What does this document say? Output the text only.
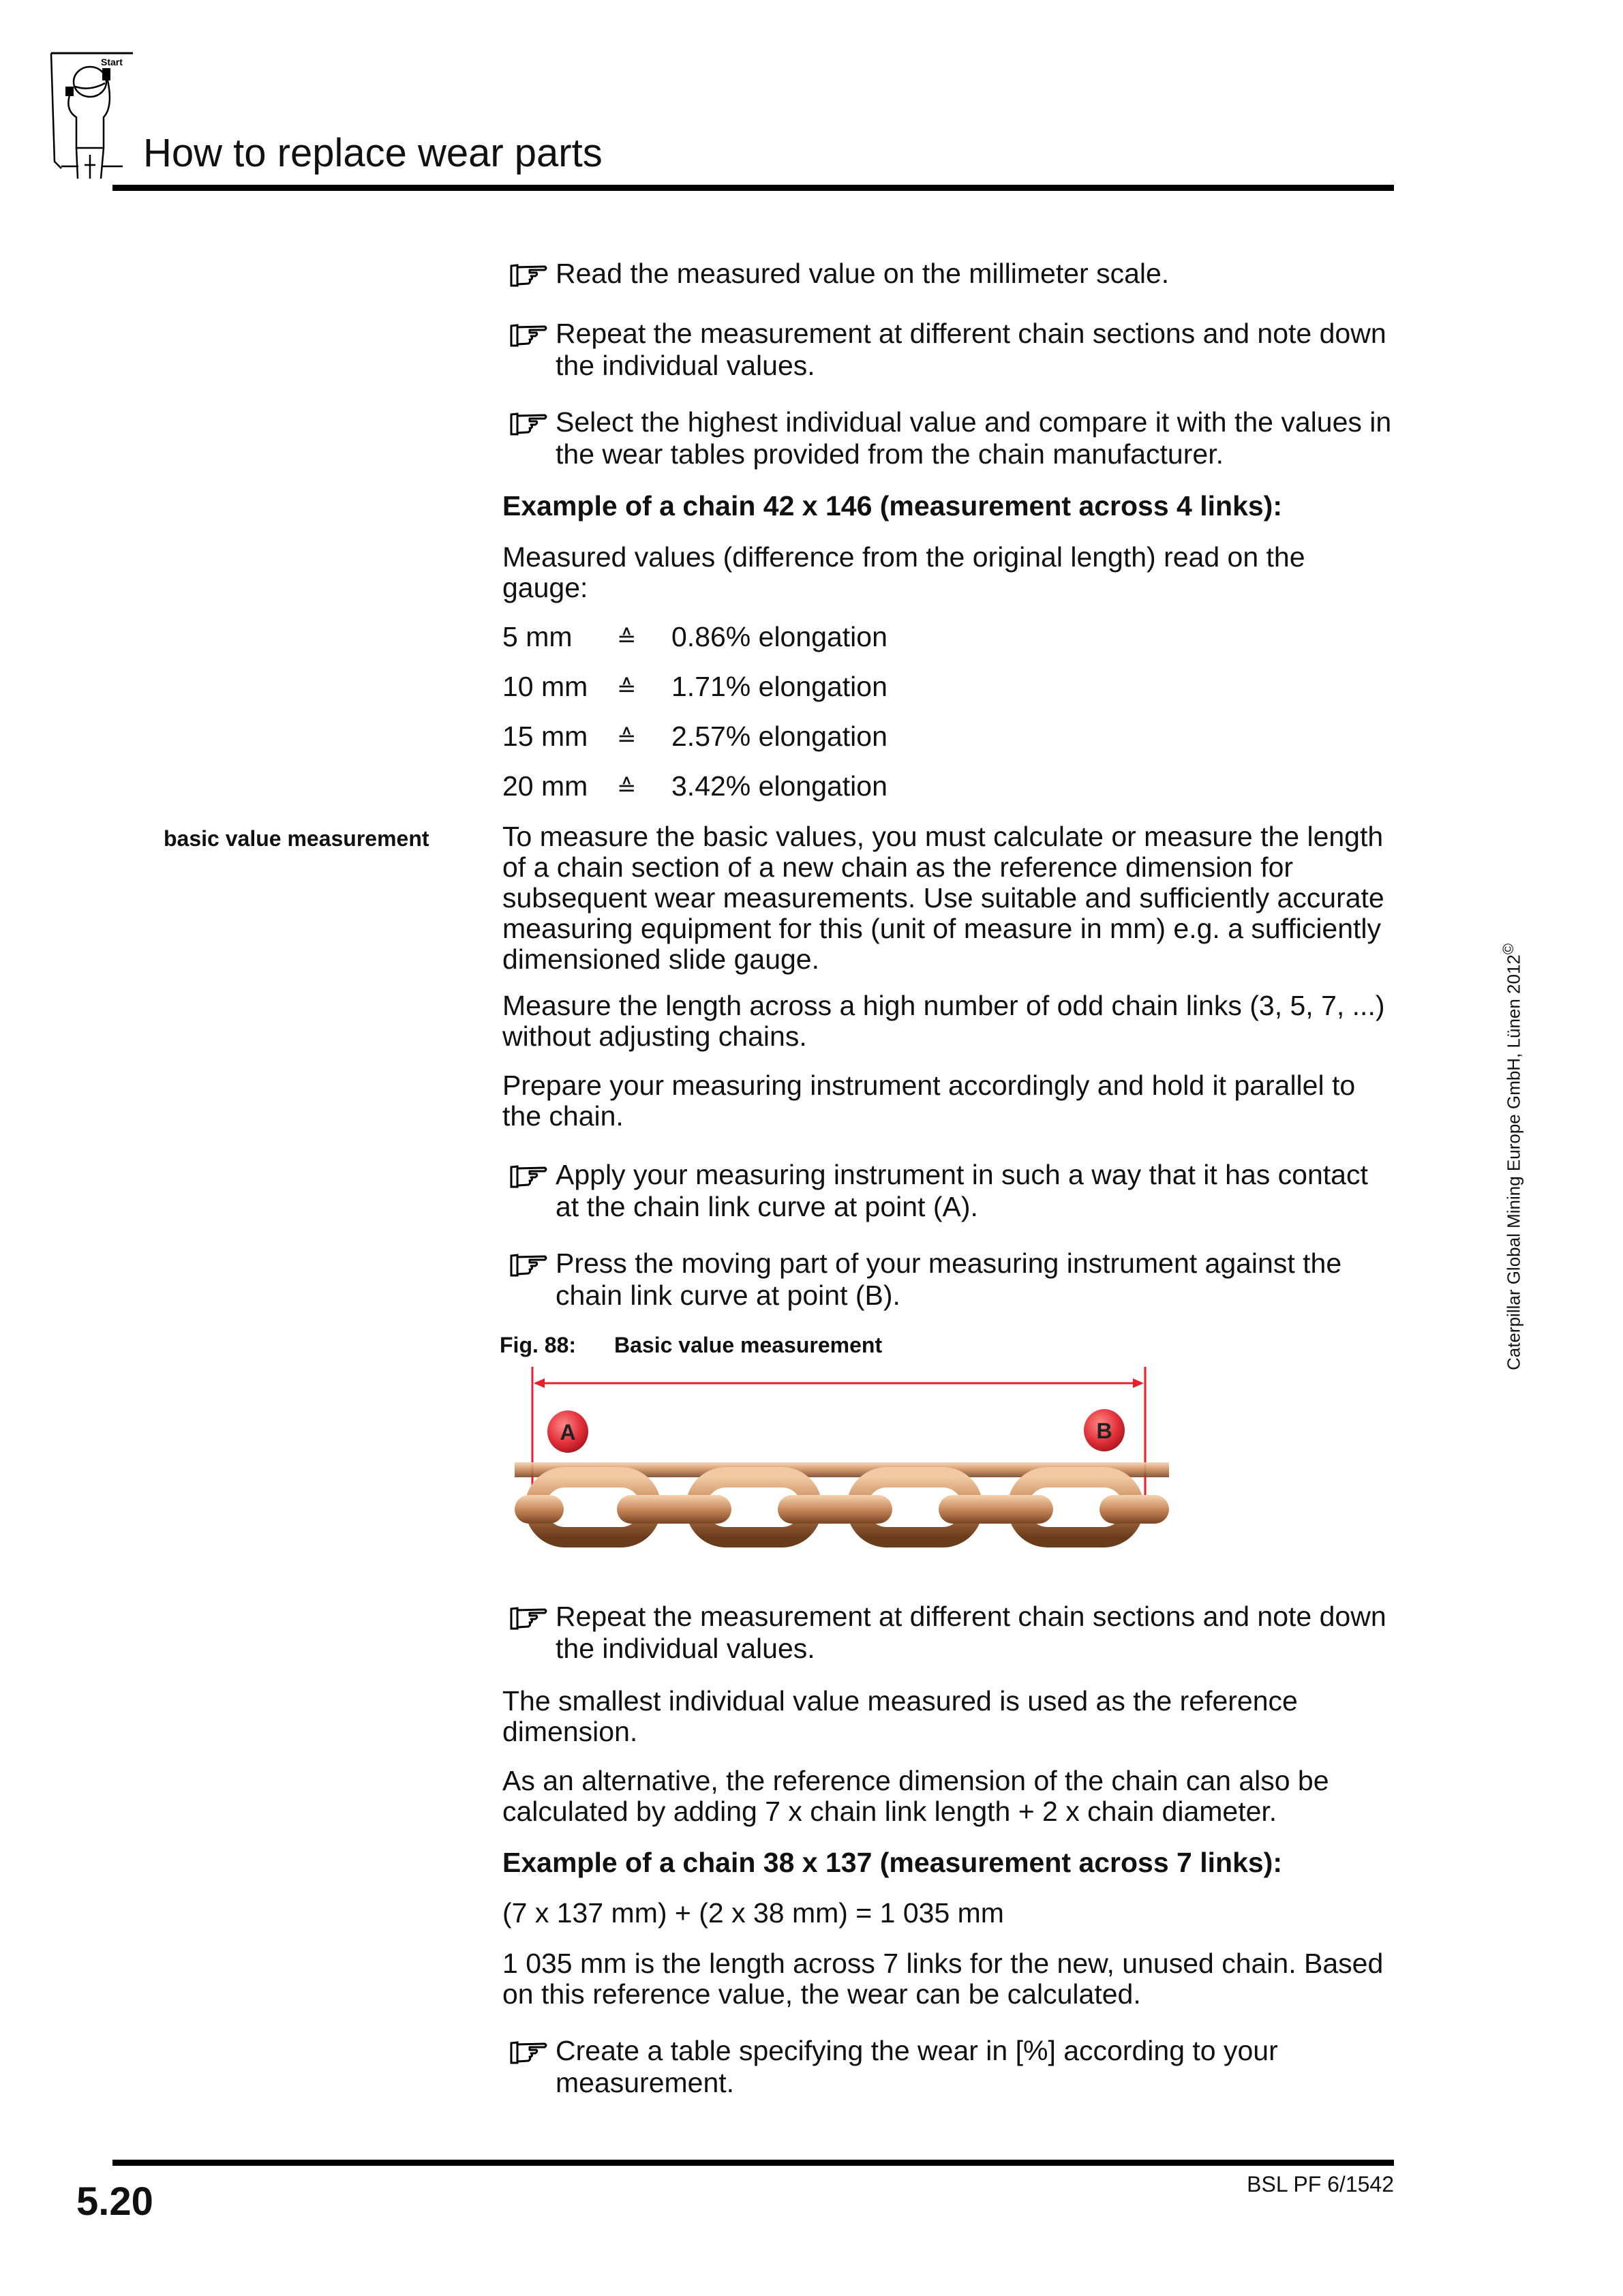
Start
How to replace wear parts
Read the measured value on the millimeter scale.
Repeat the measurement at different chain sections and note down the individual values.
Select the highest individual value and compare it with the values in the wear tables provided from the chain manufacturer.
Example of a chain 42 x 146 (measurement across 4 links):
Measured values (difference from the original length) read on the gauge:
5 mm ≙ 0.86% elongation
10 mm ≙ 1.71% elongation
15 mm ≙ 2.57% elongation
20 mm ≙ 3.42% elongation
basic value measurement	To measure the basic values, you must calculate or measure the length of a chain section of a new chain as the reference dimension for subsequent wear measurements. Use suitable and sufficiently accurate measuring equipment for this (unit of measure in mm) e.g. a sufficiently dimensioned slide gauge.
Measure the length across a high number of odd chain links (3, 5, 7, ...) without adjusting chains.
Prepare your measuring instrument accordingly and hold it parallel to the chain.
Apply your measuring instrument in such a way that it has contact at the chain link curve at point (A).
Press the moving part of your measuring instrument against the chain link curve at point (B).
Fig. 88: Basic value measurement
A	B
Repeat the measurement at different chain sections and note down the individual values.
The smallest individual value measured is used as the reference dimension.
As an alternative, the reference dimension of the chain can also be calculated by adding 7 x chain link length + 2 x chain diameter.
Example of a chain 38 x 137 (measurement across 7 links):
(7 x 137 mm) + (2 x 38 mm) = 1 035 mm
1 035 mm is the length across 7 links for the new, unused chain. Based on this reference value, the wear can be calculated.
Create a table specifying the wear in [%] according to your measurement.
5.20	BSL PF 6/1542
Caterpillar Global Mining Europe GmbH, Lünen 2012©
